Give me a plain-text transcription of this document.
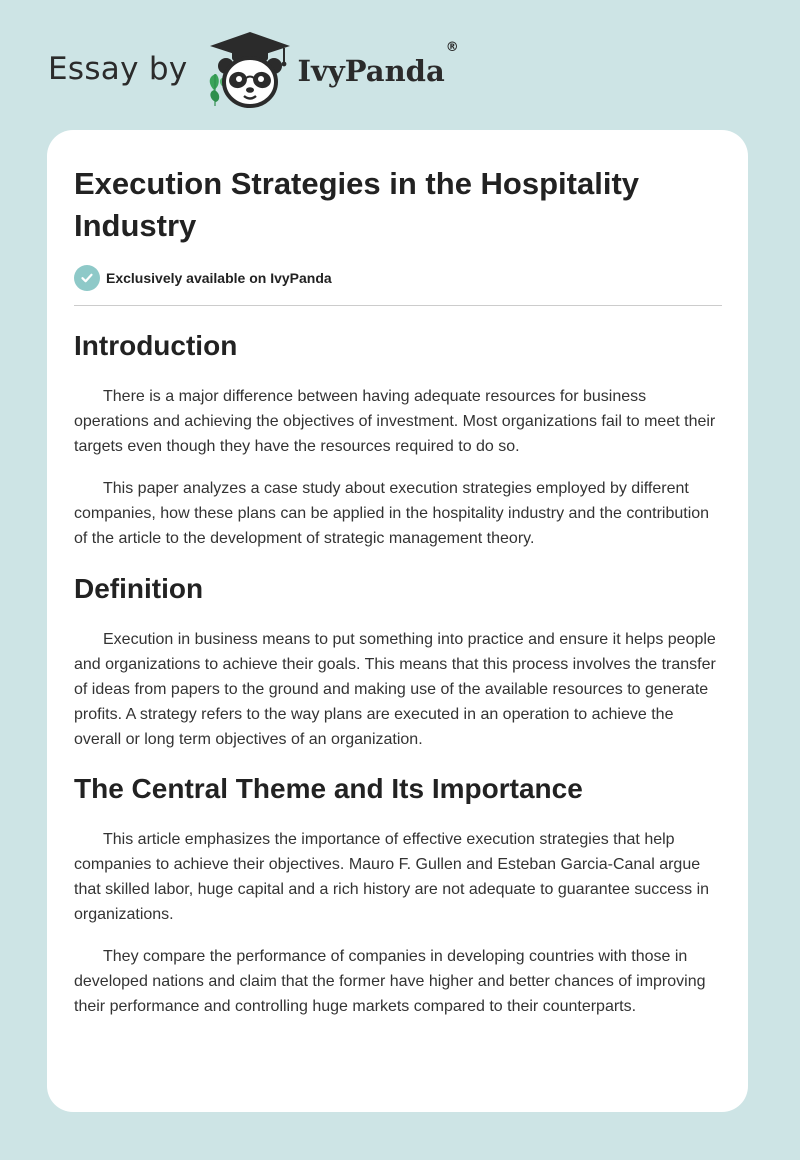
Essay by	IvyPanda®
Execution Strategies in the Hospitality Industry
Exclusively available on IvyPanda
Introduction

There is a major difference between having adequate resources for business operations and achieving the objectives of investment. Most organizations fail to meet their targets even though they have the resources required to do so.

This paper analyzes a case study about execution strategies employed by different companies, how these plans can be applied in the hospitality industry and the contribution of the article to the development of strategic management theory.

Definition

Execution in business means to put something into practice and ensure it helps people and organizations to achieve their goals. This means that this process involves the transfer of ideas from papers to the ground and making use of the available resources to generate profits. A strategy refers to the way plans are executed in an operation to achieve the overall or long term objectives of an organization.

The Central Theme and Its Importance

This article emphasizes the importance of effective execution strategies that help companies to achieve their objectives. Mauro F. Gullen and Esteban Garcia-Canal argue that skilled labor, huge capital and a rich history are not adequate to guarantee success in organizations.

They compare the performance of companies in developing countries with those in developed nations and claim that the former have higher and better chances of improving their performance and controlling huge markets compared to their counterparts.
